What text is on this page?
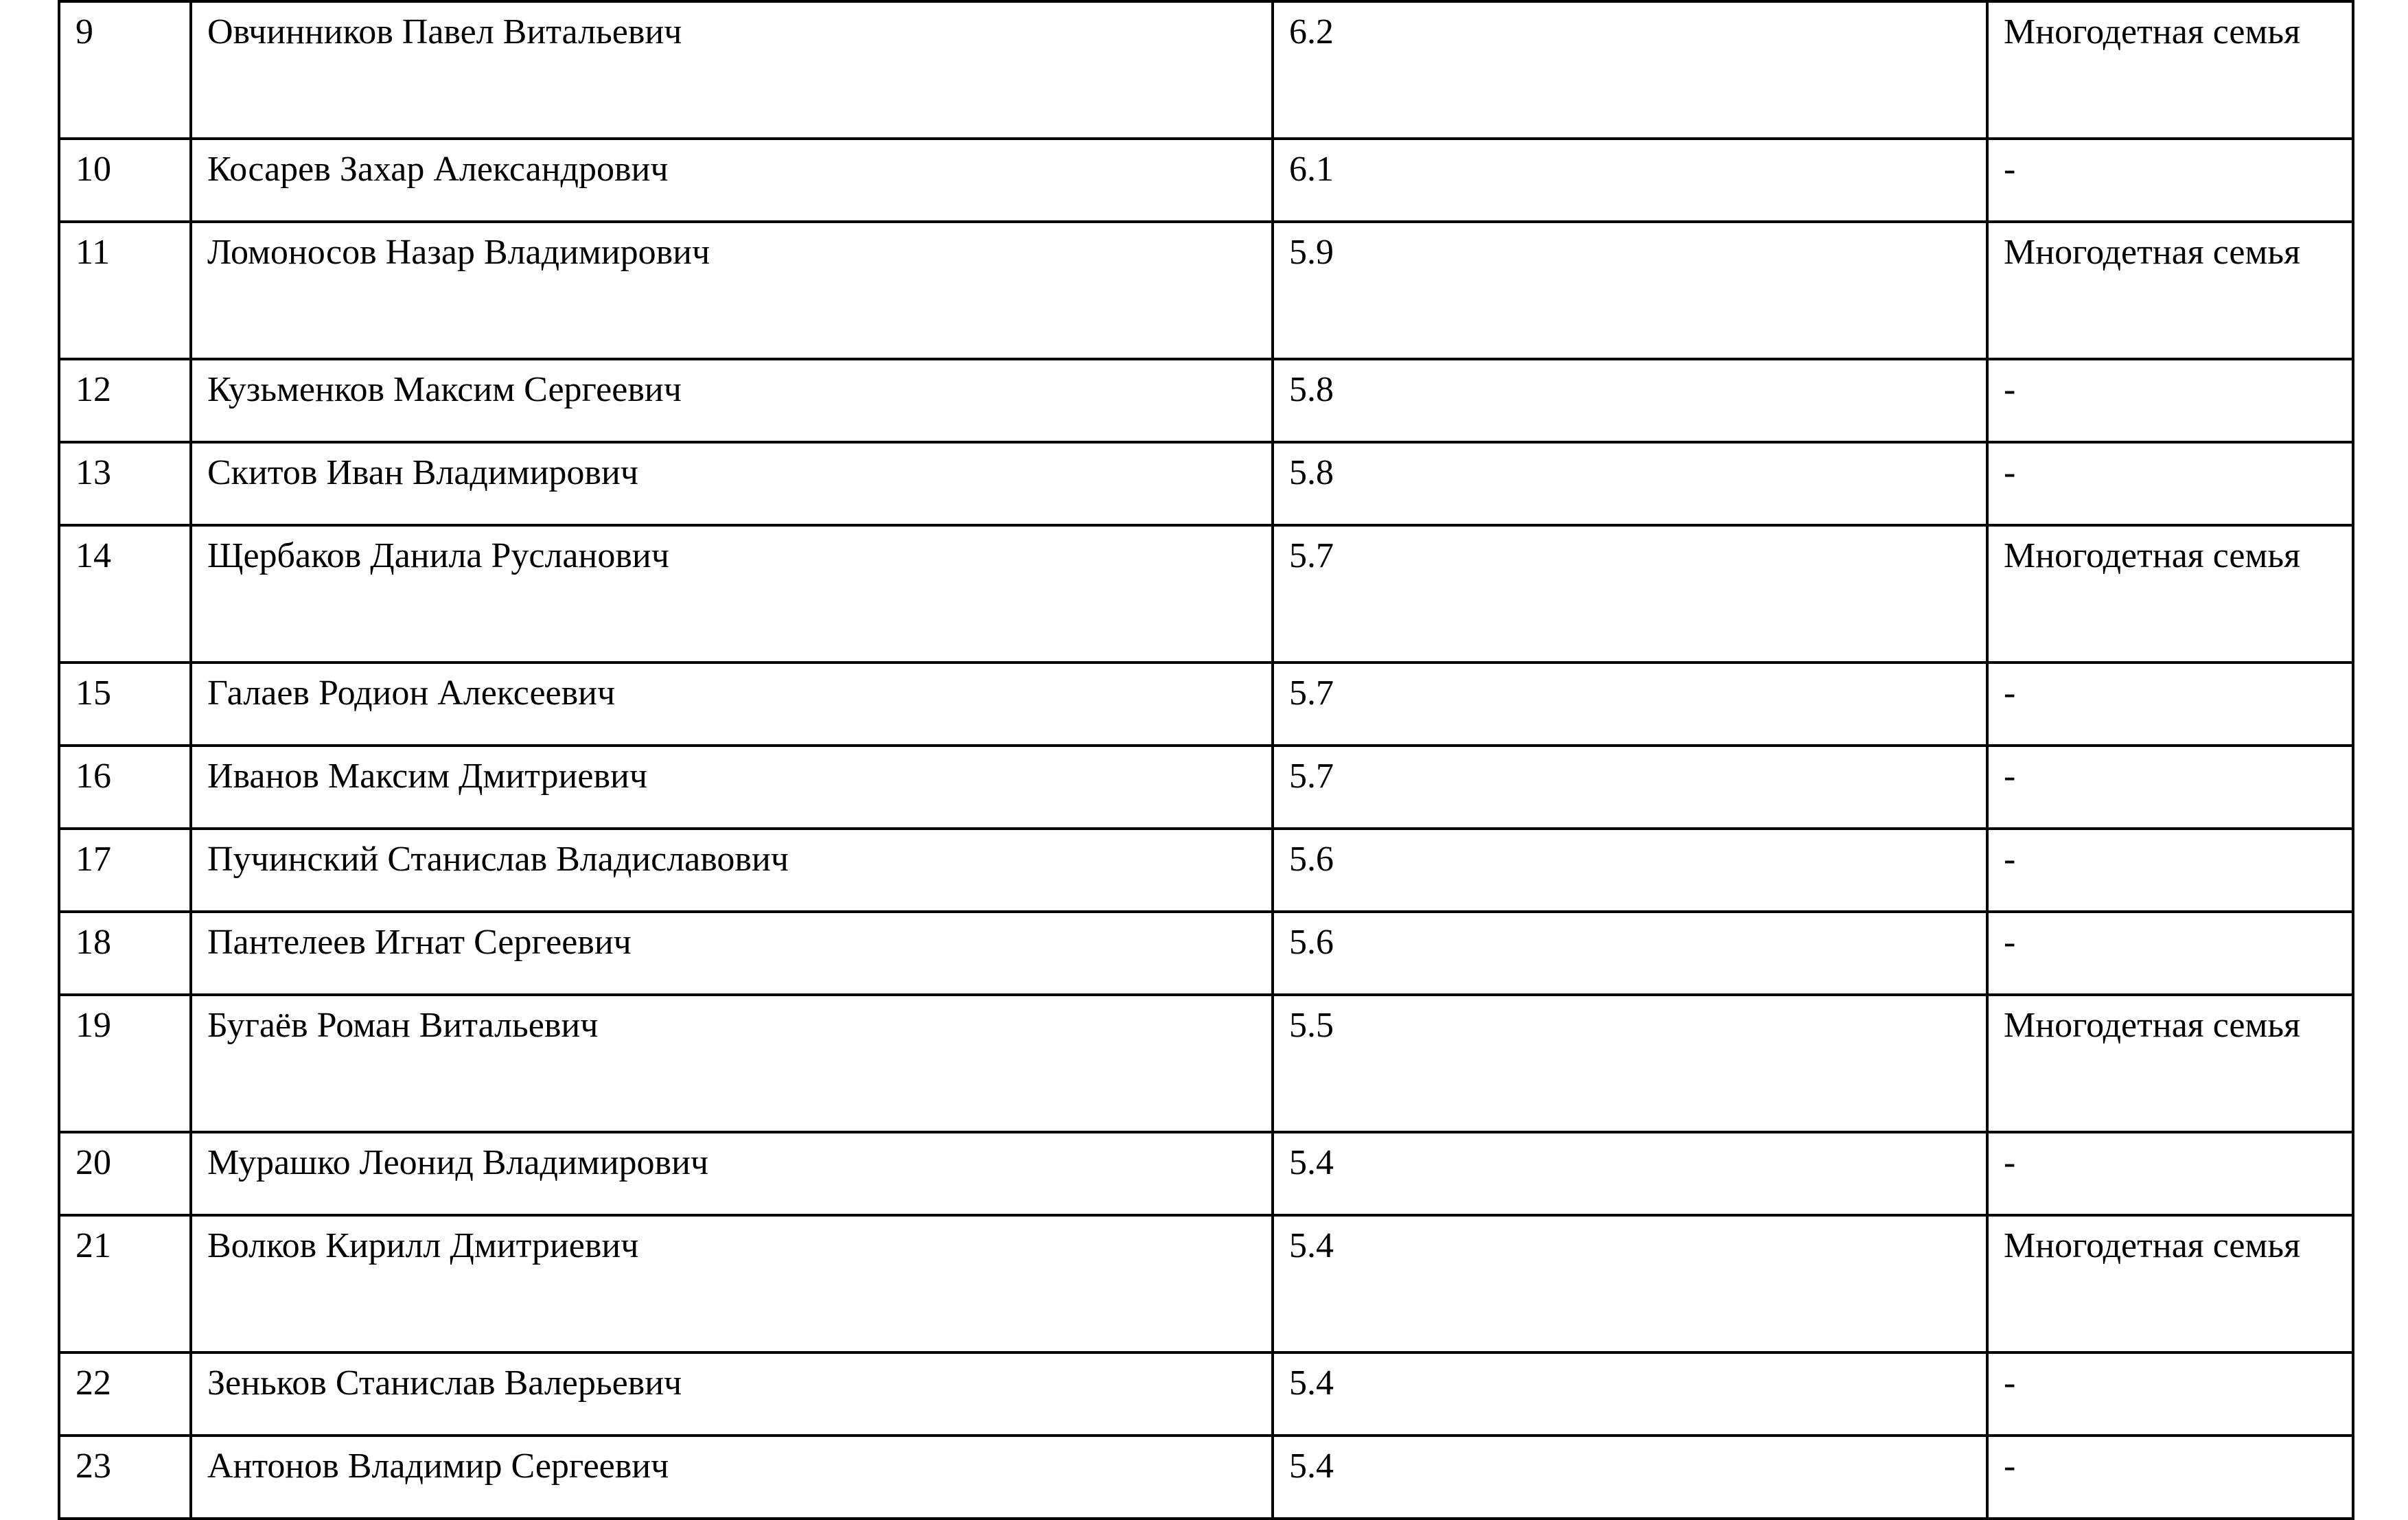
9	Овчинников Павел Витальевич	6.2	Многодетная семья
10	Косарев Захар Александрович	6.1	-
11	Ломоносов Назар Владимирович	5.9	Многодетная семья
12	Кузьменков Максим Сергеевич	5.8	-
13	Скитов Иван Владимирович	5.8	-
14	Щербаков Данила Русланович	5.7	Многодетная семья
15	Галаев Родион Алексеевич	5.7	-
16	Иванов Максим Дмитриевич	5.7	-
17	Пучинский Станислав Владиславович	5.6	-
18	Пантелеев Игнат Сергеевич	5.6	-
19	Бугаёв Роман Витальевич	5.5	Многодетная семья
20	Мурашко Леонид Владимирович	5.4	-
21	Волков Кирилл Дмитриевич	5.4	Многодетная семья
22	Зеньков Станислав Валерьевич	5.4	-
23	Антонов Владимир Сергеевич	5.4	-
